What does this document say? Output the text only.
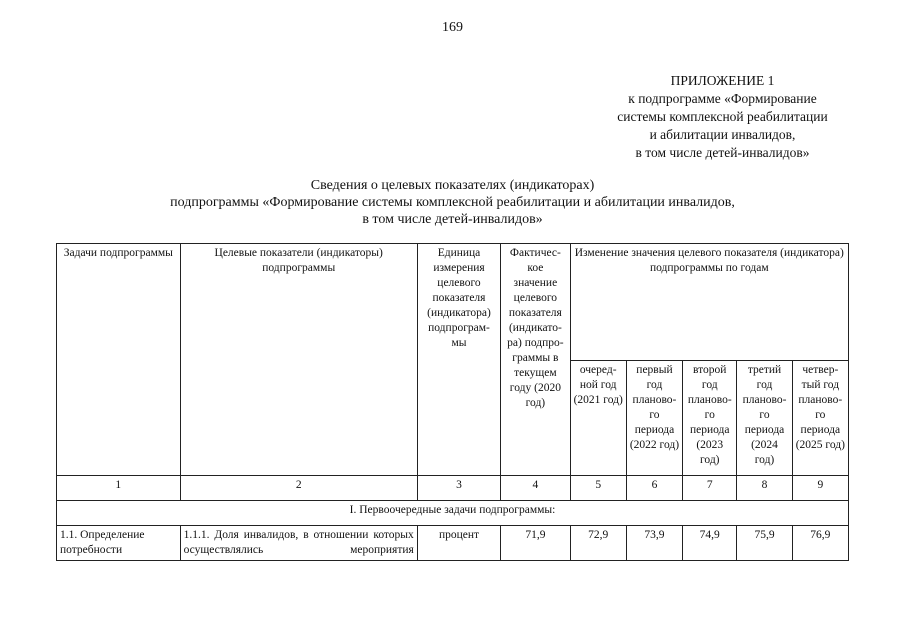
169
ПРИЛОЖЕНИЕ 1
к подпрограмме «Формирование
системы комплексной реабилитации
и абилитации инвалидов,
в том числе детей-инвалидов»
Сведения о целевых показателях (индикаторах)
подпрограммы «Формирование системы комплексной реабилитации и абилитации инвалидов,
в том числе детей-инвалидов»
Задачи подпрограммы	Целевые показатели (индикаторы) подпрограммы	Единица измерения целевого показателя (индикатора) подпрограм-мы	Фактичес-кое значение целевого показателя (индикато-ра) подпро-граммы в текущем году (2020 год)	Изменение значения целевого показателя (индикатора) подпрограммы по годам				
				очеред-ной год (2021 год)	первый год планово-го периода (2022 год)	второй год планово-го периода (2023 год)	третий год планово-го периода (2024 год)	четвер-тый год планово-го периода (2025 год)
1	2	3	4	5	6	7	8	9
I. Первоочередные задачи подпрограммы:								
1.1. Определение потребности	1.1.1. Доля инвалидов, в отношении которых осуществлялись мероприятия	процент	71,9	72,9	73,9	74,9	75,9	76,9
